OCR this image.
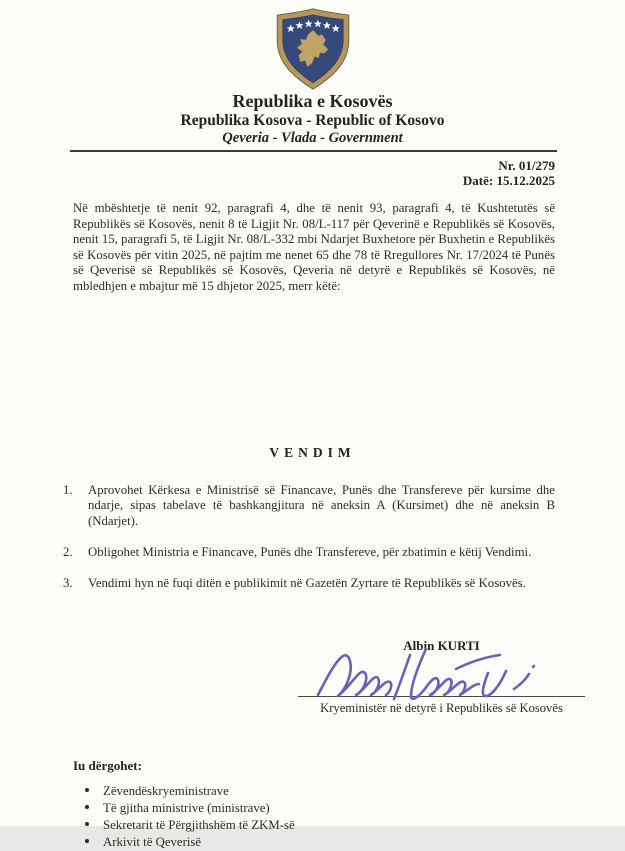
Republika e Kosovës
Republika Kosova - Republic of Kosovo
Qeveria - Vlada - Government
Nr. 01/279
Datë: 15.12.2025

Në mbështetje të nenit 92, paragrafi 4, dhe të nenit 93, paragrafi 4, të Kushtetutës së Republikës së Kosovës, nenit 8 të Ligjit Nr. 08/L-117 për Qeverinë e Republikës së Kosovës, nenit 15, paragrafi 5, të Ligjit Nr. 08/L-332 mbi Ndarjet Buxhetore për Buxhetin e Republikës së Kosovës për vitin 2025, në pajtim me nenet 65 dhe 78 të Rregullores Nr. 17/2024 të Punës së Qeverisë së Republikës së Kosovës, Qeveria në detyrë e Republikës së Kosovës, në mbledhjen e mbajtur më 15 dhjetor 2025, merr këtë:

VENDIM
1.	Aprovohet Kërkesa e Ministrisë së Financave, Punës dhe Transfereve për kursime dhe ndarje, sipas tabelave të bashkangjitura në aneksin A (Kursimet) dhe në aneksin B (Ndarjet).
2.	Obligohet Ministria e Financave, Punës dhe Transfereve, për zbatimin e këtij Vendimi.
3.	Vendimi hyn në fuqi ditën e publikimit në Gazetën Zyrtare të Republikës së Kosovës.
Albin KURTI
Kryeministër në detyrë i Republikës së Kosovës
Iu dërgohet:
Zëvendëskryeministrave
Të gjitha ministrive (ministrave)
Sekretarit të Përgjithshëm të ZKM-së
Arkivit të Qeverisë
